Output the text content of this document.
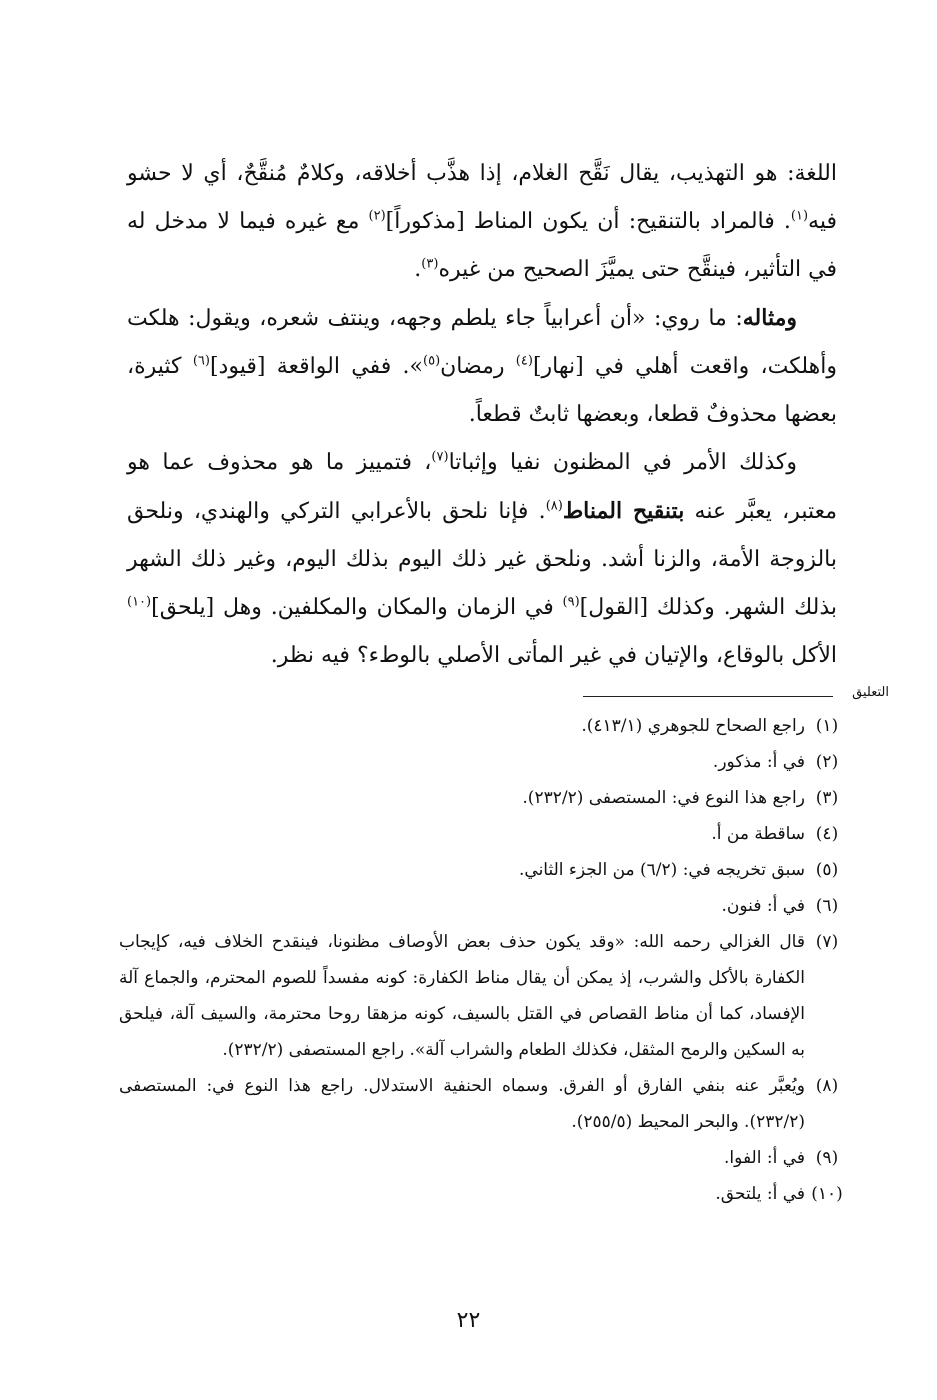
اللغة: هو التهذيب، يقال نَقَّح الغلام، إذا هذَّب أخلاقه، وكلامٌ مُنقَّحٌ، أي لا حشو فيه$^{(١)}$. فالمراد بالتنقيح: أن يكون المناط [مذكوراً]$^{(٢)}$ مع غيره فيما لا مدخل له في التأثير، فينقَّح حتى يميَّزَ الصحيح من غيره$^{(٣)}$.

ومثاله: ما روي: «أن أعرابياً جاء يلطم وجهه، وينتف شعره، ويقول: هلكت وأهلكت، واقعت أهلي في [نهار]$^{(٤)}$ رمضان$^{(٥)}$». ففي الواقعة [قيود]$^{(٦)}$ كثيرة، بعضها محذوفٌ قطعا، وبعضها ثابتٌ قطعاً.

وكذلك الأمر في المظنون نفيا وإثباتا$^{(٧)}$، فتمييز ما هو محذوف عما هو معتبر، يعبَّر عنه بتنقيح المناط$^{(٨)}$. فإنا نلحق بالأعرابي التركي والهندي، ونلحق بالزوجة الأمة، والزنا أشد. ونلحق غير ذلك اليوم بذلك اليوم، وغير ذلك الشهر بذلك الشهر. وكذلك [القول]$^{(٩)}$ في الزمان والمكان والمكلفين. وهل [يلحق]$^{(١٠)}$ الأكل بالوقاع، والإتيان في غير المأتى الأصلي بالوطء؟ فيه نظر.

التعليق
(١)
راجع الصحاح للجوهري (٤١٣/١).
(٢)
في أ: مذكور.
(٣)
راجع هذا النوع في: المستصفى (٢٣٢/٢).
(٤)
ساقطة من أ.
(٥)
سبق تخريجه في: (٦/٢) من الجزء الثاني.
(٦)
في أ: فنون.
(٧)
قال الغزالي رحمه الله: «وقد يكون حذف بعض الأوصاف مظنونا، فينقدح الخلاف فيه، كإيجاب الكفارة بالأكل والشرب، إذ يمكن أن يقال مناط الكفارة: كونه مفسداً للصوم المحترم، والجماع آلة الإفساد، كما أن مناط القصاص في القتل بالسيف، كونه مزهقا روحا محترمة، والسيف آلة، فيلحق به السكين والرمح المثقل، فكذلك الطعام والشراب آلة». راجع المستصفى (٢٣٢/٢).
(٨)
ويُعبَّر عنه بنفي الفارق أو الفرق. وسماه الحنفية الاستدلال. راجع هذا النوع في: المستصفى (٢٣٢/٢). والبحر المحيط (٢٥٥/٥).
(٩)
في أ: الفوا.
(١٠)
في أ: يلتحق.
٢٢
